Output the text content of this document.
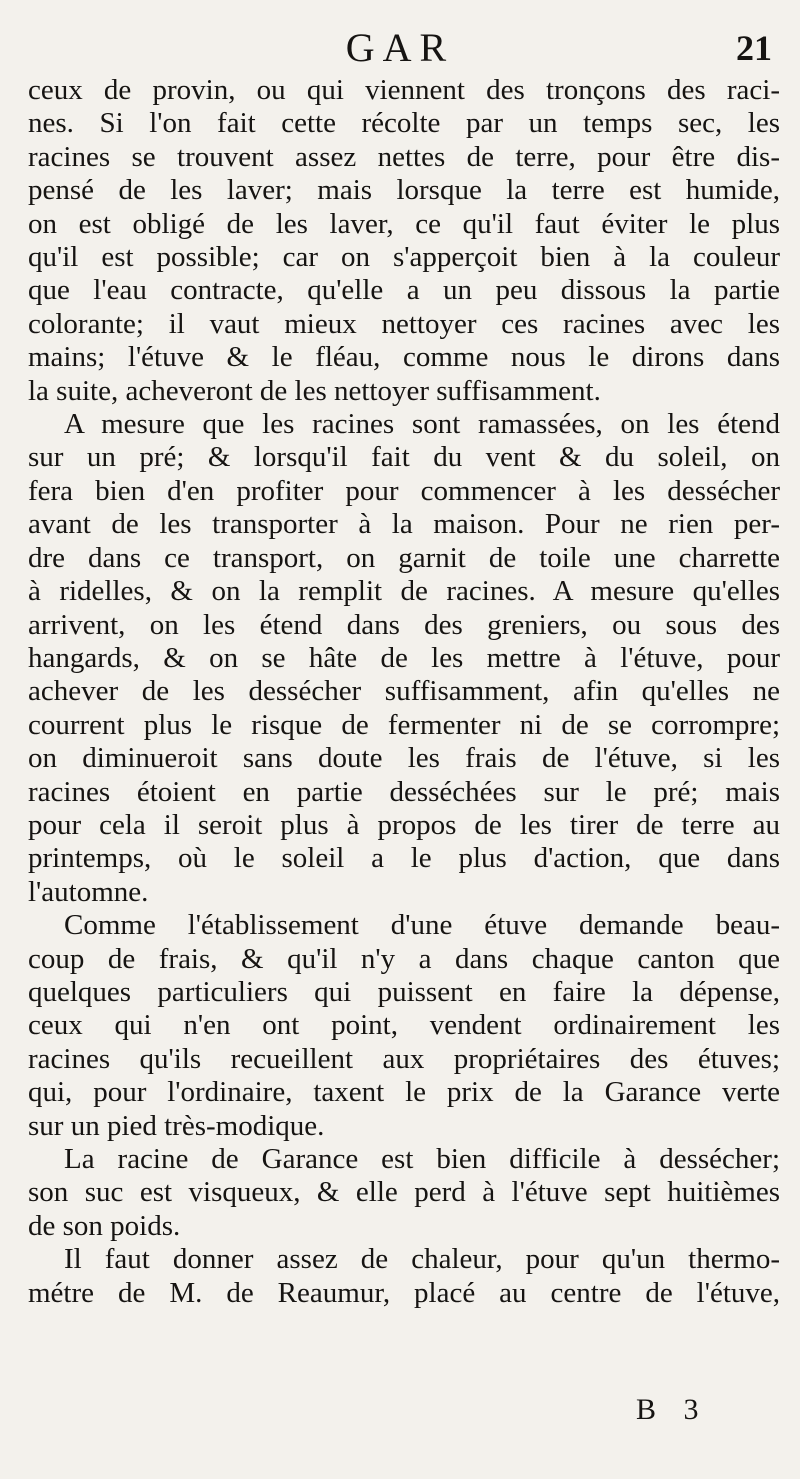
GAR	21

ceux de provin, ou qui viennent des tronçons des raci-
nes. Si l'on fait cette récolte par un temps sec, les
racines se trouvent assez nettes de terre, pour être dis-
pensé de les laver; mais lorsque la terre est humide,
on est obligé de les laver, ce qu'il faut éviter le plus
qu'il est possible; car on s'apperçoit bien à la couleur
que l'eau contracte, qu'elle a un peu dissous la partie
colorante; il vaut mieux nettoyer ces racines avec les
mains; l'étuve & le fléau, comme nous le dirons dans
la suite, acheveront de les nettoyer suffisamment.

A mesure que les racines sont ramassées, on les étend
sur un pré; & lorsqu'il fait du vent & du soleil, on
fera bien d'en profiter pour commencer à les dessécher
avant de les transporter à la maison. Pour ne rien per-
dre dans ce transport, on garnit de toile une charrette
à ridelles, & on la remplit de racines. A mesure qu'elles
arrivent, on les étend dans des greniers, ou sous des
hangards, & on se hâte de les mettre à l'étuve, pour
achever de les dessécher suffisamment, afin qu'elles ne
courrent plus le risque de fermenter ni de se corrompre;
on diminueroit sans doute les frais de l'étuve, si les
racines étoient en partie desséchées sur le pré; mais
pour cela il seroit plus à propos de les tirer de terre au
printemps, où le soleil a le plus d'action, que dans
l'automne.

Comme l'établissement d'une étuve demande beau-
coup de frais, & qu'il n'y a dans chaque canton que
quelques particuliers qui puissent en faire la dépense,
ceux qui n'en ont point, vendent ordinairement les
racines qu'ils recueillent aux propriétaires des étuves;
qui, pour l'ordinaire, taxent le prix de la Garance verte
sur un pied très-modique.

La racine de Garance est bien difficile à dessécher;
son suc est visqueux, & elle perd à l'étuve sept huitièmes
de son poids.

Il faut donner assez de chaleur, pour qu'un thermo-
métre de M. de Reaumur, placé au centre de l'étuve,

B 3
